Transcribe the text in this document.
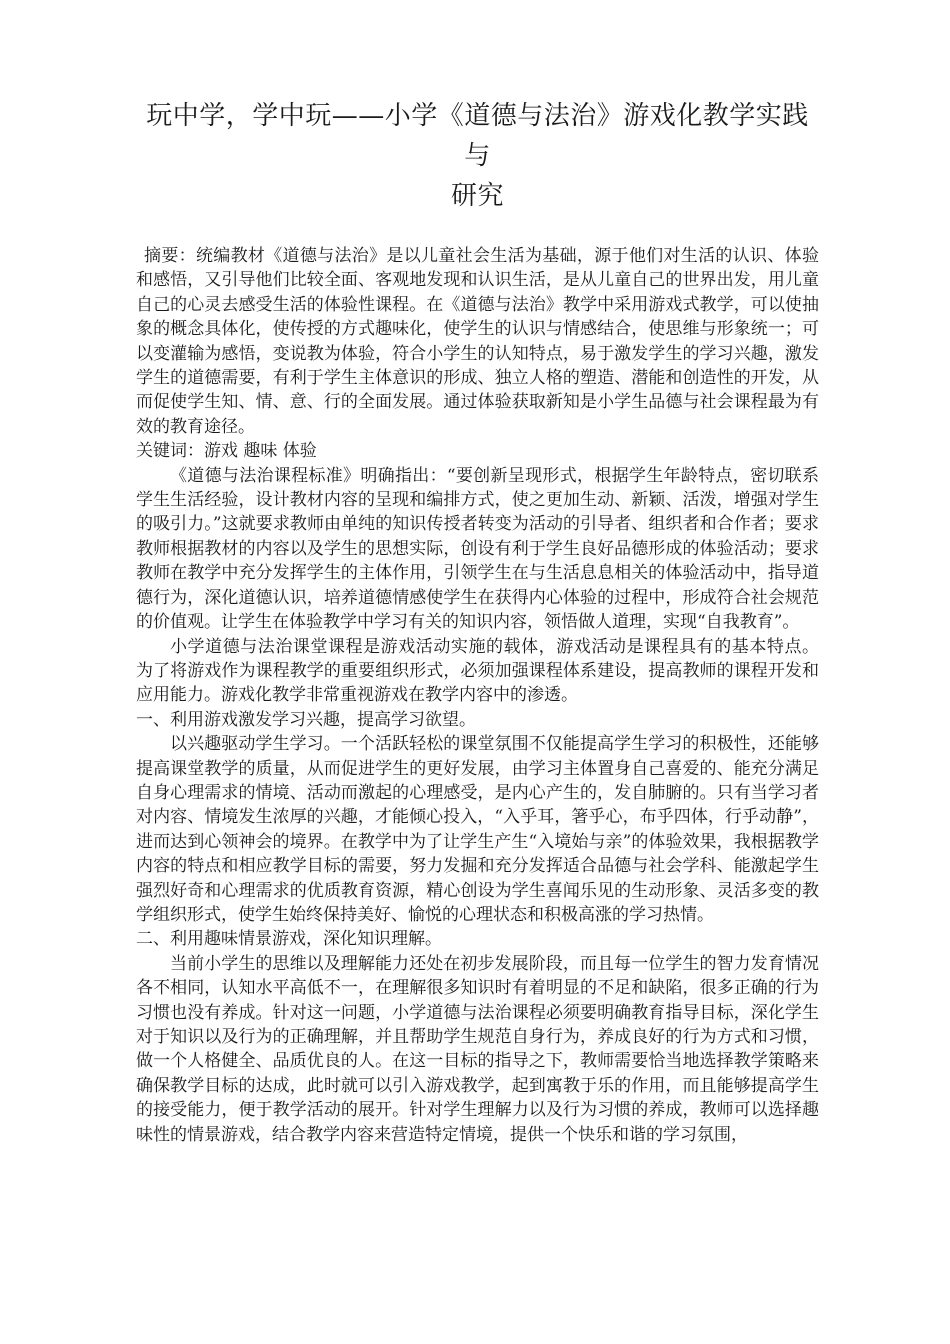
玩中学，学中玩——小学《道德与法治》游戏化教学实践与
研究

摘要：统编教材《道德与法治》是以儿童社会生活为基础，源于他们对生活的认识、体验和感悟，又引导他们比较全面、客观地发现和认识生活，是从儿童自己的世界出发，用儿童自己的心灵去感受生活的体验性课程。在《道德与法治》教学中采用游戏式教学，可以使抽象的概念具体化，使传授的方式趣味化，使学生的认识与情感结合，使思维与形象统一；可以变灌输为感悟，变说教为体验，符合小学生的认知特点，易于激发学生的学习兴趣，激发学生的道德需要，有利于学生主体意识的形成、独立人格的塑造、潜能和创造性的开发，从而促使学生知、情、意、行的全面发展。通过体验获取新知是小学生品德与社会课程最为有效的教育途径。

关键词：游戏 趣味 体验

《道德与法治课程标准》明确指出：“要创新呈现形式，根据学生年龄特点，密切联系学生生活经验，设计教材内容的呈现和编排方式，使之更加生动、新颖、活泼，增强对学生的吸引力。”这就要求教师由单纯的知识传授者转变为活动的引导者、组织者和合作者；要求教师根据教材的内容以及学生的思想实际，创设有利于学生良好品德形成的体验活动；要求教师在教学中充分发挥学生的主体作用，引领学生在与生活息息相关的体验活动中，指导道德行为，深化道德认识，培养道德情感使学生在获得内心体验的过程中，形成符合社会规范的价值观。让学生在体验教学中学习有关的知识内容，领悟做人道理，实现“自我教育”。

小学道德与法治课堂课程是游戏活动实施的载体，游戏活动是课程具有的基本特点。 为了将游戏作为课程教学的重要组织形式，必须加强课程体系建设，提高教师的课程开发和应用能力。游戏化教学非常重视游戏在教学内容中的渗透。

一、利用游戏激发学习兴趣，提高学习欲望。

以兴趣驱动学生学习。一个活跃轻松的课堂氛围不仅能提高学生学习的积极性，还能够提高课堂教学的质量，从而促进学生的更好发展，由学习主体置身自己喜爱的、能充分满足自身心理需求的情境、活动而激起的心理感受，是内心产生的，发自肺腑的。只有当学习者对内容、情境发生浓厚的兴趣，才能倾心投入，“入乎耳，箸乎心，布乎四体，行乎动静”，进而达到心领神会的境界。在教学中为了让学生产生“入境始与亲”的体验效果，我根据教学内容的特点和相应教学目标的需要，努力发掘和充分发挥适合品德与社会学科、能激起学生强烈好奇和心理需求的优质教育资源，精心创设为学生喜闻乐见的生动形象、灵活多变的教学组织形式，使学生始终保持美好、愉悦的心理状态和积极高涨的学习热情。

二、利用趣味情景游戏，深化知识理解。

当前小学生的思维以及理解能力还处在初步发展阶段，而且每一位学生的智力发育情况各不相同，认知水平高低不一，在理解很多知识时有着明显的不足和缺陷，很多正确的行为习惯也没有养成。针对这一问题，小学道德与法治课程必须要明确教育指导目标，深化学生对于知识以及行为的正确理解，并且帮助学生规范自身行为，养成良好的行为方式和习惯，做一个人格健全、品质优良的人。在这一目标的指导之下，教师需要恰当地选择教学策略来确保教学目标的达成，此时就可以引入游戏教学，起到寓教于乐的作用，而且能够提高学生的接受能力，便于教学活动的展开。针对学生理解力以及行为习惯的养成，教师可以选择趣味性的情景游戏，结合教学内容来营造特定情境，提供一个快乐和谐的学习氛围，
